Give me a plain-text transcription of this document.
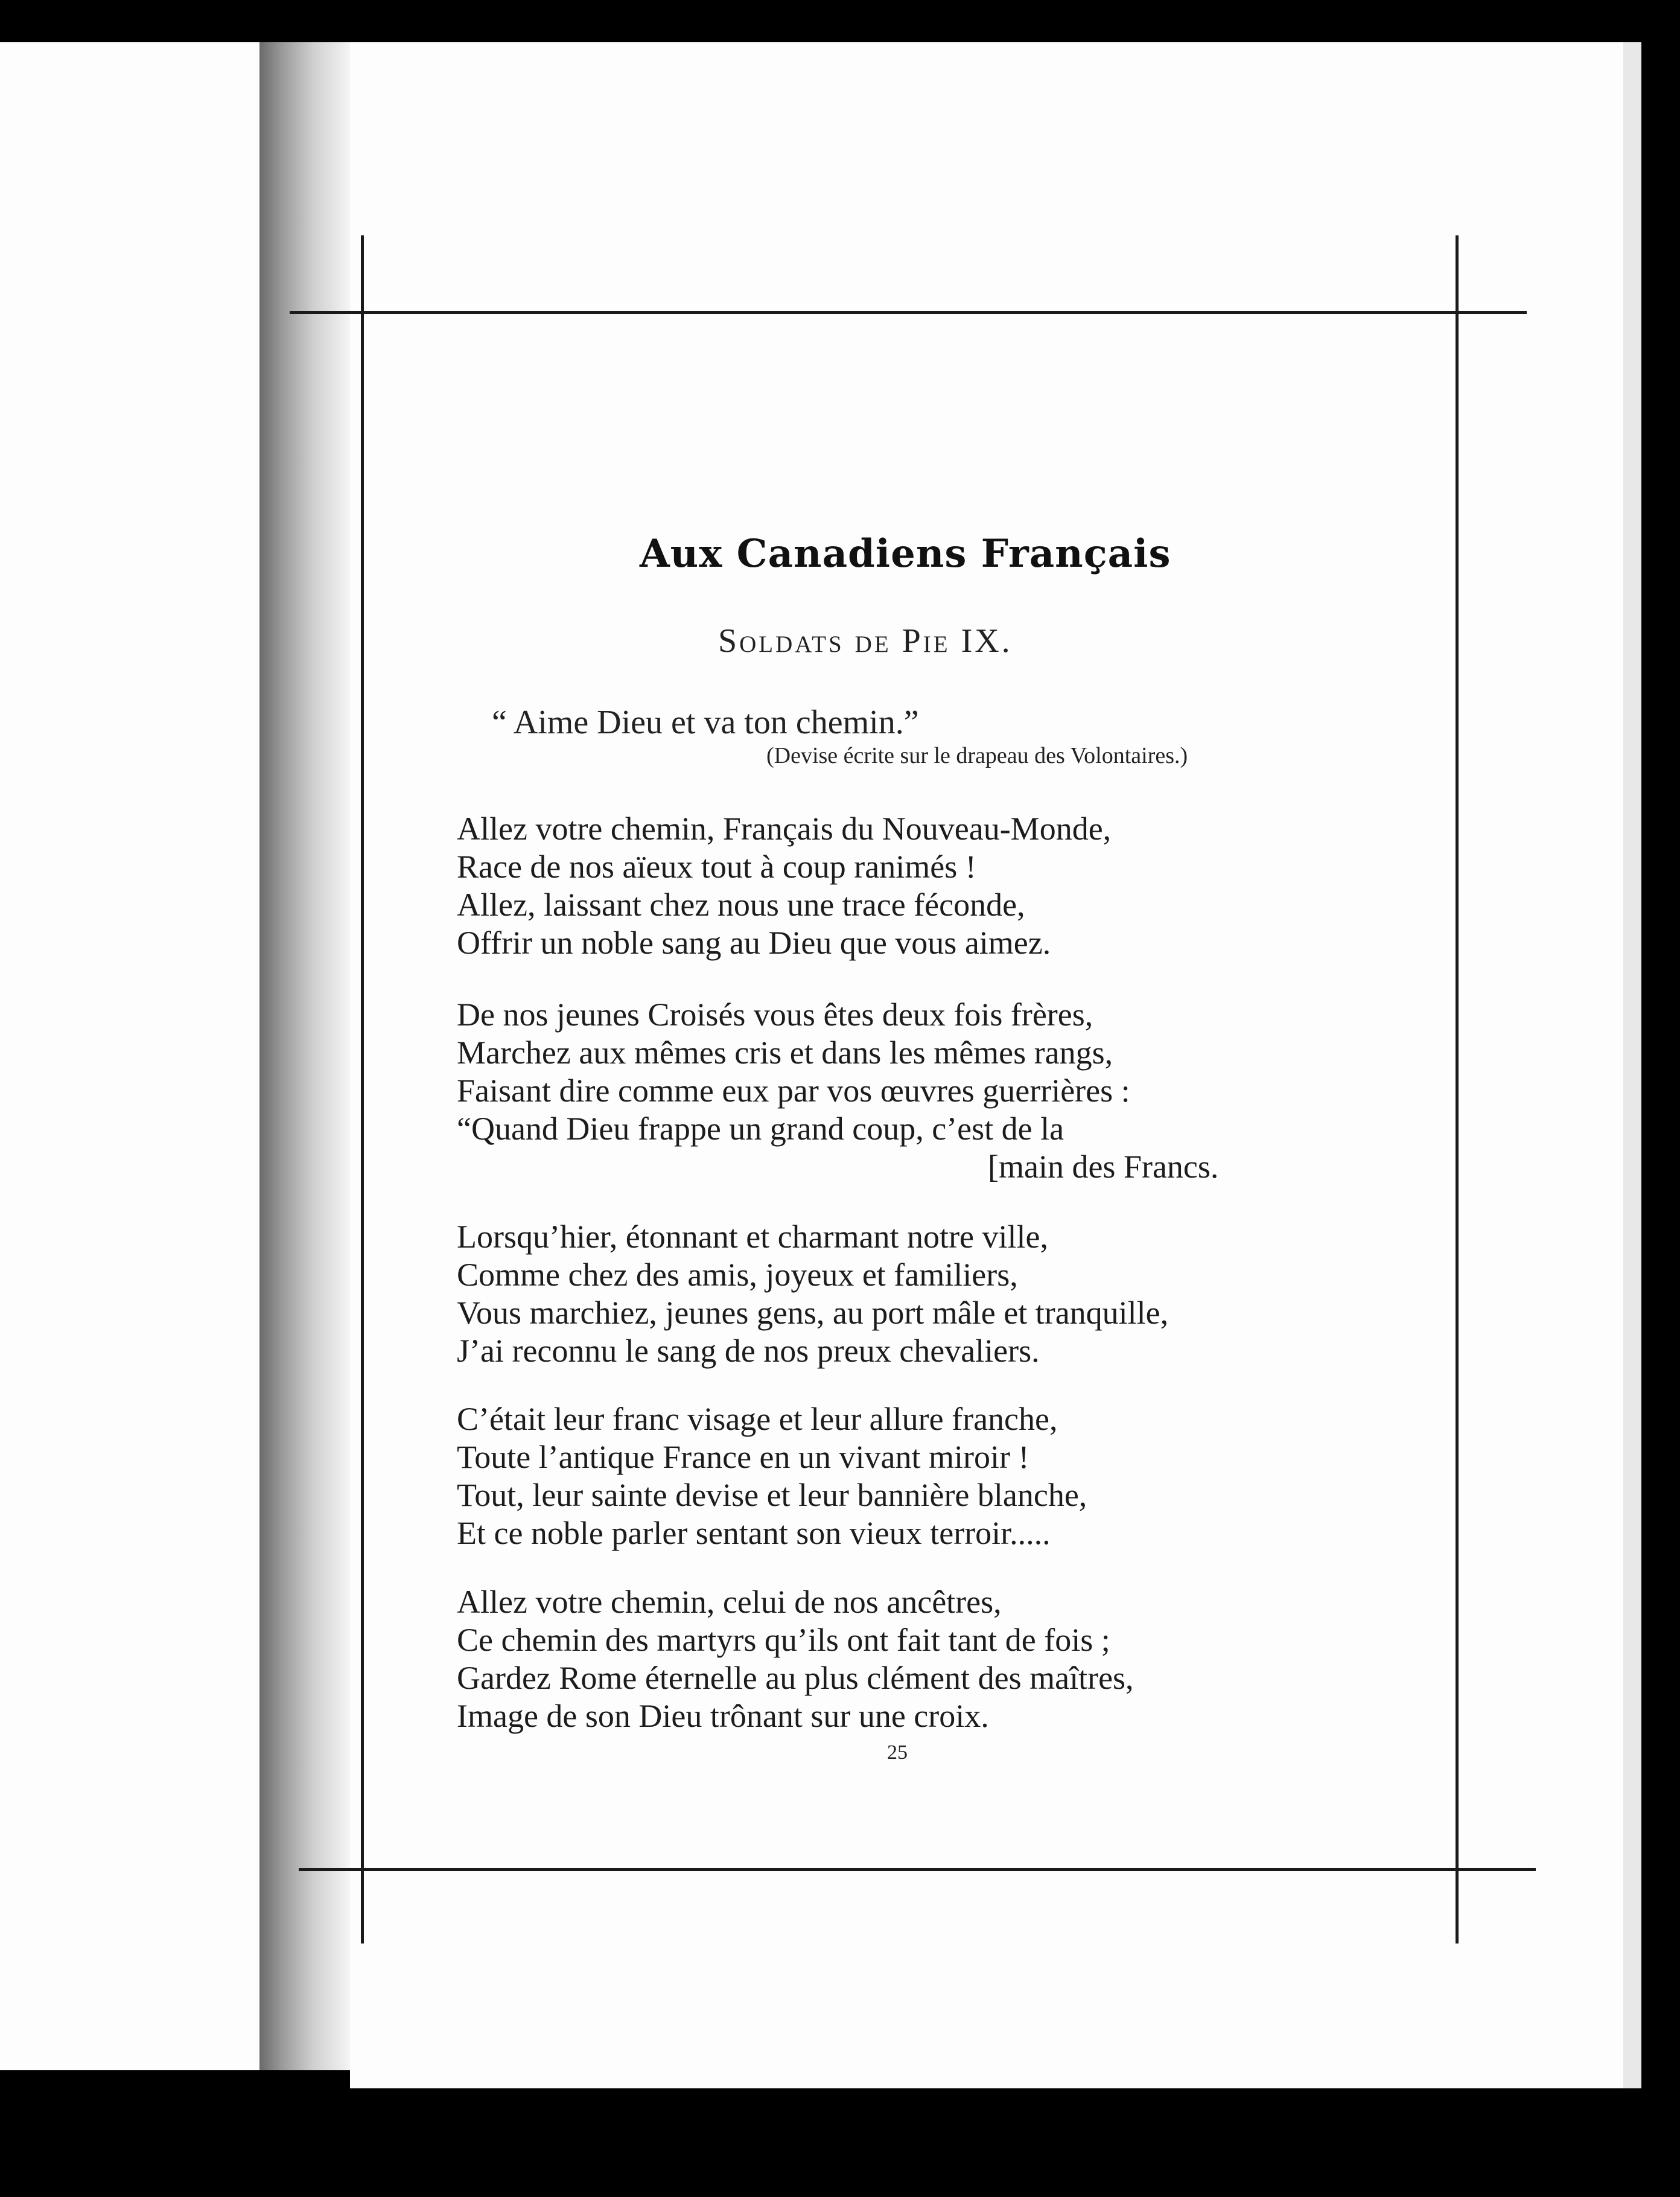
Aux Canadiens Français
Soldats de Pie IX.
“ Aime Dieu et va ton chemin.”
(Devise écrite sur le drapeau des Volontaires.)
Allez votre chemin, Français du Nouveau-Monde,
Race de nos aïeux tout à coup ranimés !
Allez, laissant chez nous une trace féconde,
Offrir un noble sang au Dieu que vous aimez.
De nos jeunes Croisés vous êtes deux fois frères,
Marchez aux mêmes cris et dans les mêmes rangs,
Faisant dire comme eux par vos œuvres guerrières :
“Quand Dieu frappe un grand coup, c’est de la
[main des Francs.
Lorsqu’hier, étonnant et charmant notre ville,
Comme chez des amis, joyeux et familiers,
Vous marchiez, jeunes gens, au port mâle et tranquille,
J’ai reconnu le sang de nos preux chevaliers.
C’était leur franc visage et leur allure franche,
Toute l’antique France en un vivant miroir !
Tout, leur sainte devise et leur bannière blanche,
Et ce noble parler sentant son vieux terroir.....
Allez votre chemin, celui de nos ancêtres,
Ce chemin des martyrs qu’ils ont fait tant de fois ;
Gardez Rome éternelle au plus clément des maîtres,
Image de son Dieu trônant sur une croix.
25
